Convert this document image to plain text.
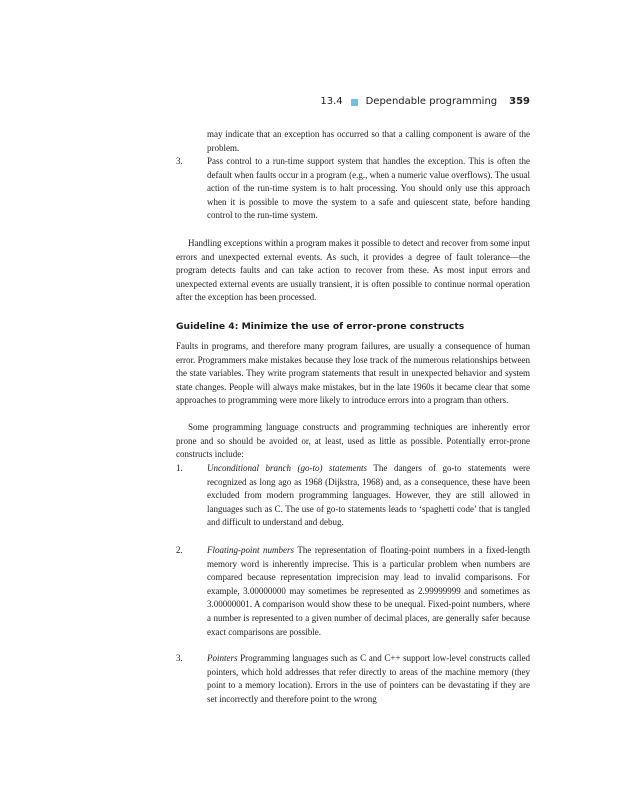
13.4 Dependable programming 359

may indicate that an exception has occurred so that a calling component is aware of the problem.

3.	Pass control to a run-time support system that handles the exception. This is often the default when faults occur in a program (e.g., when a numeric value overflows). The usual action of the run-time system is to halt processing. You should only use this approach when it is possible to move the system to a safe and quiescent state, before handing control to the run-time system.

Handling exceptions within a program makes it possible to detect and recover from some input errors and unexpected external events. As such, it provides a degree of fault tolerance—the program detects faults and can take action to recover from these. As most input errors and unexpected external events are usually transient, it is often possible to continue normal operation after the exception has been processed.

Guideline 4: Minimize the use of error-prone constructs

Faults in programs, and therefore many program failures, are usually a consequence of human error. Programmers make mistakes because they lose track of the numerous relationships between the state variables. They write program statements that result in unexpected behavior and system state changes. People will always make mistakes, but in the late 1960s it became clear that some approaches to programming were more likely to introduce errors into a program than others.

Some programming language constructs and programming techniques are inherently error prone and so should be avoided or, at least, used as little as possible. Potentially error-prone constructs include:

1.	Unconditional branch (go-to) statements The dangers of go-to statements were recognized as long ago as 1968 (Dijkstra, 1968) and, as a consequence, these have been excluded from modern programming languages. However, they are still allowed in languages such as C. The use of go-to statements leads to ‘spaghetti code’ that is tangled and difficult to understand and debug.
2.	Floating-point numbers The representation of floating-point numbers in a fixed-length memory word is inherently imprecise. This is a particular problem when numbers are compared because representation imprecision may lead to invalid comparisons. For example, 3.00000000 may sometimes be represented as 2.99999999 and sometimes as 3.00000001. A comparison would show these to be unequal. Fixed-point numbers, where a number is represented to a given number of decimal places, are generally safer because exact comparisons are possible.
3.	Pointers Programming languages such as C and C++ support low-level constructs called pointers, which hold addresses that refer directly to areas of the machine memory (they point to a memory location). Errors in the use of pointers can be devastating if they are set incorrectly and therefore point to the wrong
